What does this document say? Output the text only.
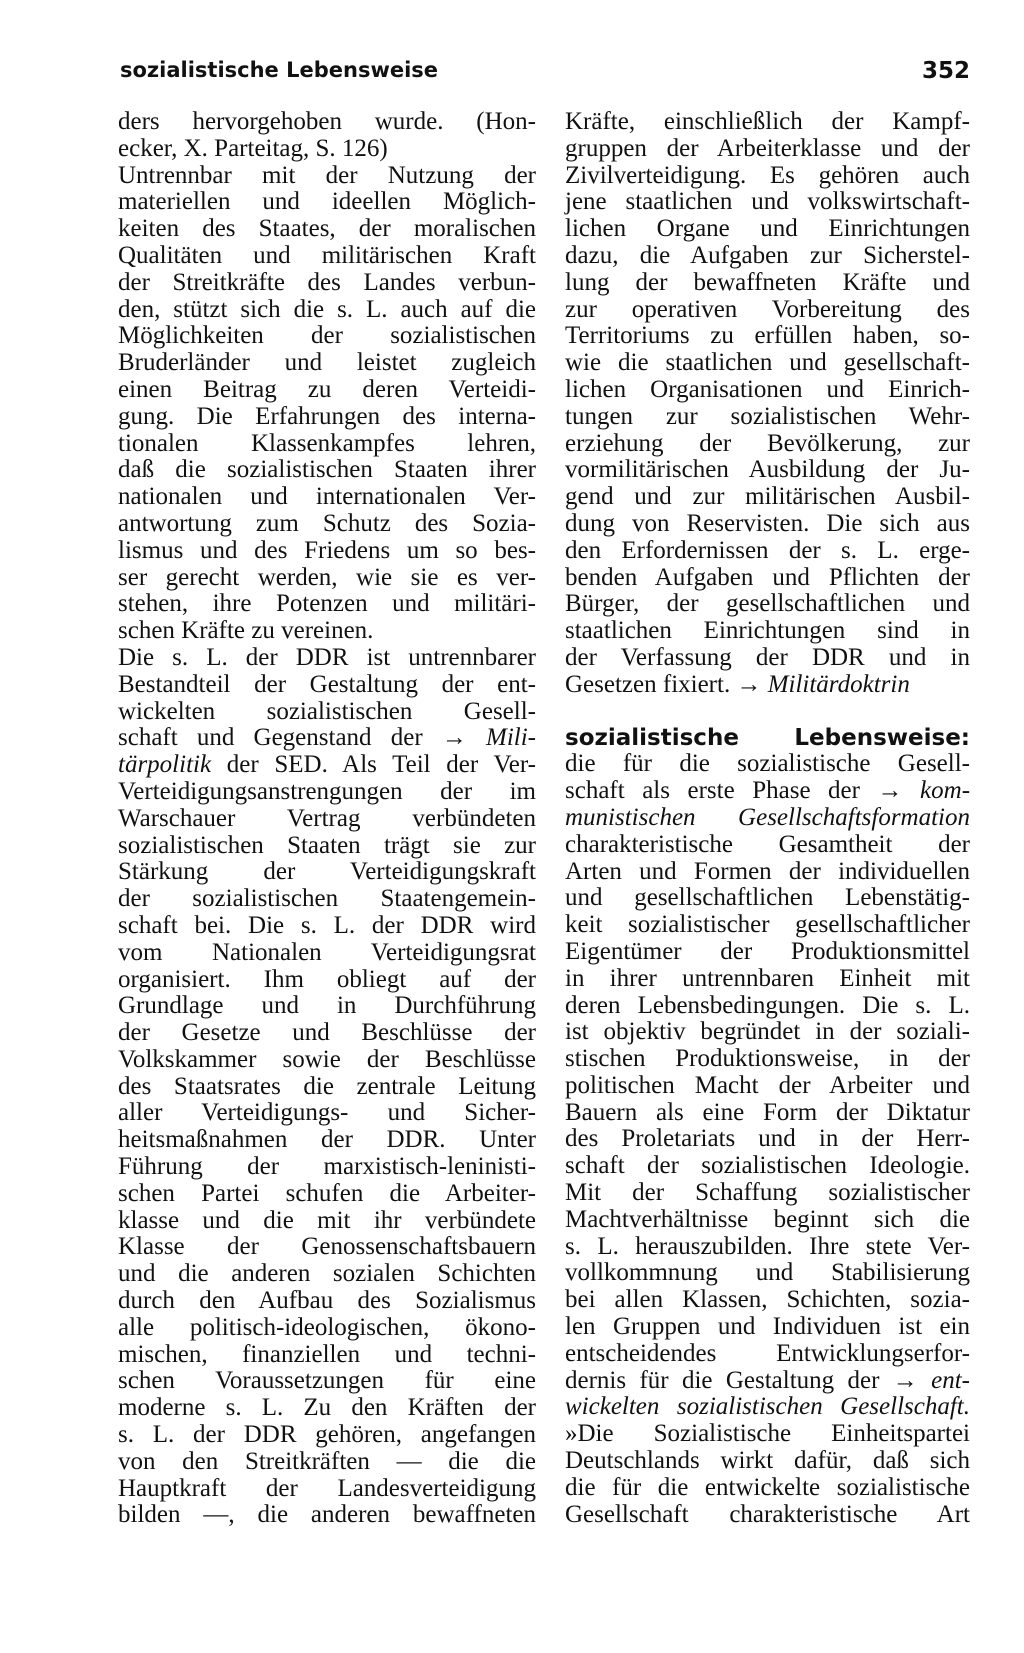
sozialistische Lebensweise	352
ders hervorgehoben wurde. (Hon-
ecker, X. Parteitag, S. 126)
Untrennbar mit der Nutzung der
materiellen und ideellen Möglich-
keiten des Staates, der moralischen
Qualitäten und militärischen Kraft
der Streitkräfte des Landes verbun-
den, stützt sich die s. L. auch auf die
Möglichkeiten der sozialistischen
Bruderländer und leistet zugleich
einen Beitrag zu deren Verteidi-
gung. Die Erfahrungen des interna-
tionalen Klassenkampfes lehren,
daß die sozialistischen Staaten ihrer
nationalen und internationalen Ver-
antwortung zum Schutz des Sozia-
lismus und des Friedens um so bes-
ser gerecht werden, wie sie es ver-
stehen, ihre Potenzen und militäri-
schen Kräfte zu vereinen.
Die s. L. der DDR ist untrennbarer
Bestandteil der Gestaltung der ent-
wickelten sozialistischen Gesell-
schaft und Gegenstand der → Mili-
tärpolitik der SED. Als Teil der Ver-
Verteidigungsanstrengungen der im
Warschauer Vertrag verbündeten
sozialistischen Staaten trägt sie zur
Stärkung der Verteidigungskraft
der sozialistischen Staatengemein-
schaft bei. Die s. L. der DDR wird
vom Nationalen Verteidigungsrat
organisiert. Ihm obliegt auf der
Grundlage und in Durchführung
der Gesetze und Beschlüsse der
Volkskammer sowie der Beschlüsse
des Staatsrates die zentrale Leitung
aller Verteidigungs- und Sicher-
heitsmaßnahmen der DDR. Unter
Führung der marxistisch-leninisti-
schen Partei schufen die Arbeiter-
klasse und die mit ihr verbündete
Klasse der Genossenschaftsbauern
und die anderen sozialen Schichten
durch den Aufbau des Sozialismus
alle politisch-ideologischen, ökono-
mischen, finanziellen und techni-
schen Voraussetzungen für eine
moderne s. L. Zu den Kräften der
s. L. der DDR gehören, angefangen
von den Streitkräften — die die
Hauptkraft der Landesverteidigung
bilden —, die anderen bewaffneten
Kräfte, einschließlich der Kampf-
gruppen der Arbeiterklasse und der
Zivilverteidigung. Es gehören auch
jene staatlichen und volkswirtschaft-
lichen Organe und Einrichtungen
dazu, die Aufgaben zur Sicherstel-
lung der bewaffneten Kräfte und
zur operativen Vorbereitung des
Territoriums zu erfüllen haben, so-
wie die staatlichen und gesellschaft-
lichen Organisationen und Einrich-
tungen zur sozialistischen Wehr-
erziehung der Bevölkerung, zur
vormilitärischen Ausbildung der Ju-
gend und zur militärischen Ausbil-
dung von Reservisten. Die sich aus
den Erfordernissen der s. L. erge-
benden Aufgaben und Pflichten der
Bürger, der gesellschaftlichen und
staatlichen Einrichtungen sind in
der Verfassung der DDR und in
Gesetzen fixiert. → Militärdoktrin
sozialistische Lebensweise:
die für die sozialistische Gesell-
schaft als erste Phase der → kom-
munistischen Gesellschaftsformation
charakteristische Gesamtheit der
Arten und Formen der individuellen
und gesellschaftlichen Lebenstätig-
keit sozialistischer gesellschaftlicher
Eigentümer der Produktionsmittel
in ihrer untrennbaren Einheit mit
deren Lebensbedingungen. Die s. L.
ist objektiv begründet in der soziali-
stischen Produktionsweise, in der
politischen Macht der Arbeiter und
Bauern als eine Form der Diktatur
des Proletariats und in der Herr-
schaft der sozialistischen Ideologie.
Mit der Schaffung sozialistischer
Machtverhältnisse beginnt sich die
s. L. herauszubilden. Ihre stete Ver-
vollkommnung und Stabilisierung
bei allen Klassen, Schichten, sozia-
len Gruppen und Individuen ist ein
entscheidendes Entwicklungserfor-
dernis für die Gestaltung der → ent-
wickelten sozialistischen Gesellschaft.
»Die Sozialistische Einheitspartei
Deutschlands wirkt dafür, daß sich
die für die entwickelte sozialistische
Gesellschaft charakteristische Art
